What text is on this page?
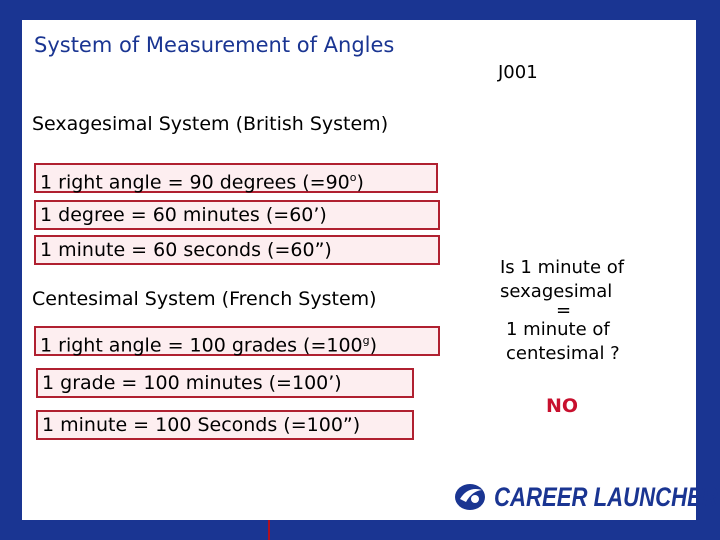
System of Measurement of Angles
J001
Sexagesimal System (British System)
1 right angle = 90 degrees $(=90^o)$
1 degree = 60 minutes (=60’)
1 minute = 60 seconds (=60”)
Centesimal System (French System)
1 right angle = 100 grades $(=100^g)$
1 grade = 100 minutes (=100’)
1 minute = 100 Seconds (=100”)
Is 1 minute of
sexagesimal
=
1 minute of
centesimal ?
NO
CAREER LAUNCHER
